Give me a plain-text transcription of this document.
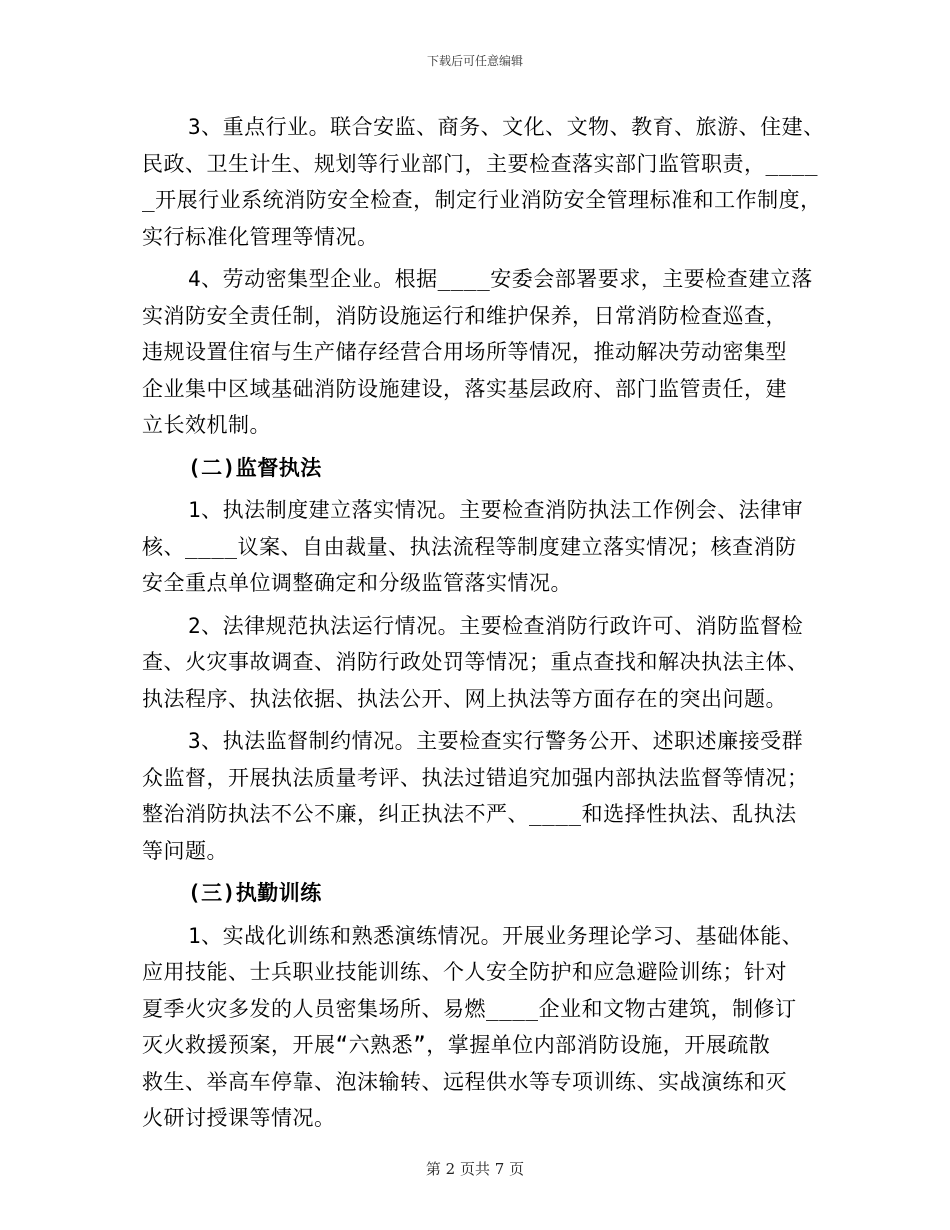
下载后可任意编辑
3、重点行业。联合安监、商务、文化、文物、教育、旅游、住建、
民政、卫生计生、规划等行业部门，主要检查落实部门监管职责，____
_开展行业系统消防安全检查，制定行业消防安全管理标准和工作制度，
实行标准化管理等情况。
4、劳动密集型企业。根据____安委会部署要求，主要检查建立落
实消防安全责任制，消防设施运行和维护保养，日常消防检查巡查，
违规设置住宿与生产储存经营合用场所等情况，推动解决劳动密集型
企业集中区域基础消防设施建设，落实基层政府、部门监管责任，建
立长效机制。
(二)监督执法
1、执法制度建立落实情况。主要检查消防执法工作例会、法律审
核、____议案、自由裁量、执法流程等制度建立落实情况；核查消防
安全重点单位调整确定和分级监管落实情况。
2、法律规范执法运行情况。主要检查消防行政许可、消防监督检
查、火灾事故调查、消防行政处罚等情况；重点查找和解决执法主体、
执法程序、执法依据、执法公开、网上执法等方面存在的突出问题。
3、执法监督制约情况。主要检查实行警务公开、述职述廉接受群
众监督，开展执法质量考评、执法过错追究加强内部执法监督等情况；
整治消防执法不公不廉，纠正执法不严、____和选择性执法、乱执法
等问题。
(三)执勤训练
1、实战化训练和熟悉演练情况。开展业务理论学习、基础体能、
应用技能、士兵职业技能训练、个人安全防护和应急避险训练；针对
夏季火灾多发的人员密集场所、易燃____企业和文物古建筑，制修订
灭火救援预案，开展“六熟悉”，掌握单位内部消防设施，开展疏散
救生、举高车停靠、泡沫输转、远程供水等专项训练、实战演练和灭
火研讨授课等情况。
第 2 页共 7 页
